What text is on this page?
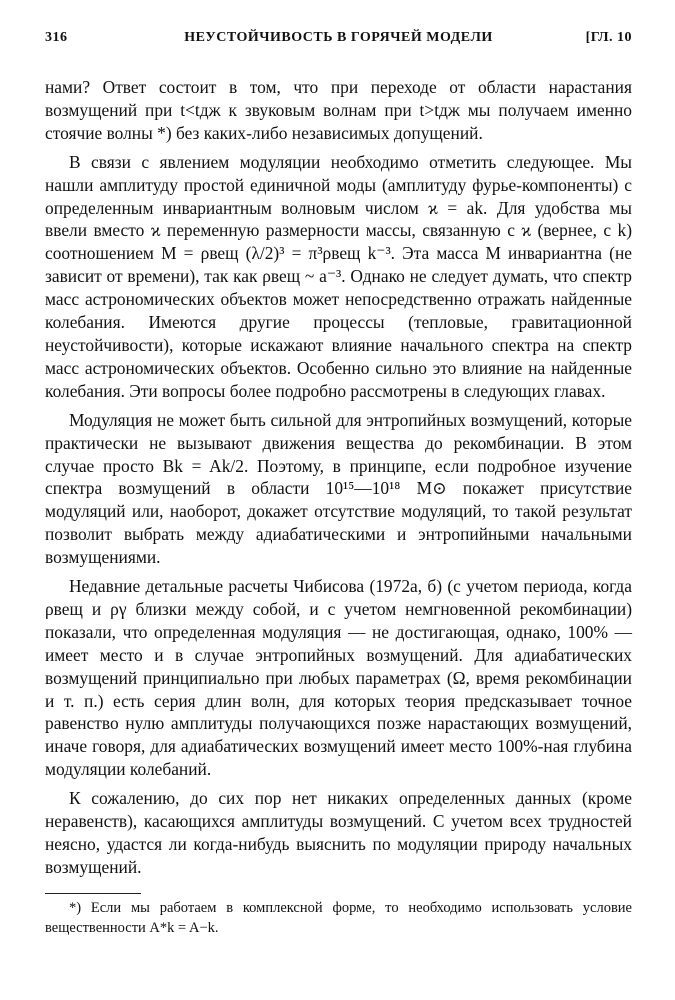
316	НЕУСТОЙЧИВОСТЬ В ГОРЯЧЕЙ МОДЕЛИ	[ГЛ. 10

нами? Ответ состоит в том, что при переходе от области нарастания возмущений при t<tдж к звуковым волнам при t>tдж мы получаем именно стоячие волны *) без каких-либо независимых допущений.

В связи с явлением модуляции необходимо отметить следующее. Мы нашли амплитуду простой единичной моды (амплитуду фурье-компоненты) с определенным инвариантным волновым числом ϰ = ak. Для удобства мы ввели вместо ϰ переменную размерности массы, связанную с ϰ (вернее, с k) соотношением M = ρвещ (λ/2)³ = π³ρвещ k⁻³. Эта масса M инвариантна (не зависит от времени), так как ρвещ ~ a⁻³. Однако не следует думать, что спектр масс астрономических объектов может непосредственно отражать найденные колебания. Имеются другие процессы (тепловые, гравитационной неустойчивости), которые искажают влияние начального спектра на спектр масс астрономических объектов. Особенно сильно это влияние на найденные колебания. Эти вопросы более подробно рассмотрены в следующих главах.

Модуляция не может быть сильной для энтропийных возмущений, которые практически не вызывают движения вещества до рекомбинации. В этом случае просто Bk = Ak/2. Поэтому, в принципе, если подробное изучение спектра возмущений в области 10¹⁵—10¹⁸ M⊙ покажет присутствие модуляций или, наоборот, докажет отсутствие модуляций, то такой результат позволит выбрать между адиабатическими и энтропийными начальными возмущениями.

Недавние детальные расчеты Чибисова (1972а, б) (с учетом периода, когда ρвещ и ργ близки между собой, и с учетом немгновенной рекомбинации) показали, что определенная модуляция — не достигающая, однако, 100% — имеет место и в случае энтропийных возмущений. Для адиабатических возмущений принципиально при любых параметрах (Ω, время рекомбинации и т. п.) есть серия длин волн, для которых теория предсказывает точное равенство нулю амплитуды получающихся позже нарастающих возмущений, иначе говоря, для адиабатических возмущений имеет место 100%-ная глубина модуляции колебаний.

К сожалению, до сих пор нет никаких определенных данных (кроме неравенств), касающихся амплитуды возмущений. С учетом всех трудностей неясно, удастся ли когда-нибудь выяснить по модуляции природу начальных возмущений.

*) Если мы работаем в комплексной форме, то необходимо использовать условие вещественности A*k = A−k.
